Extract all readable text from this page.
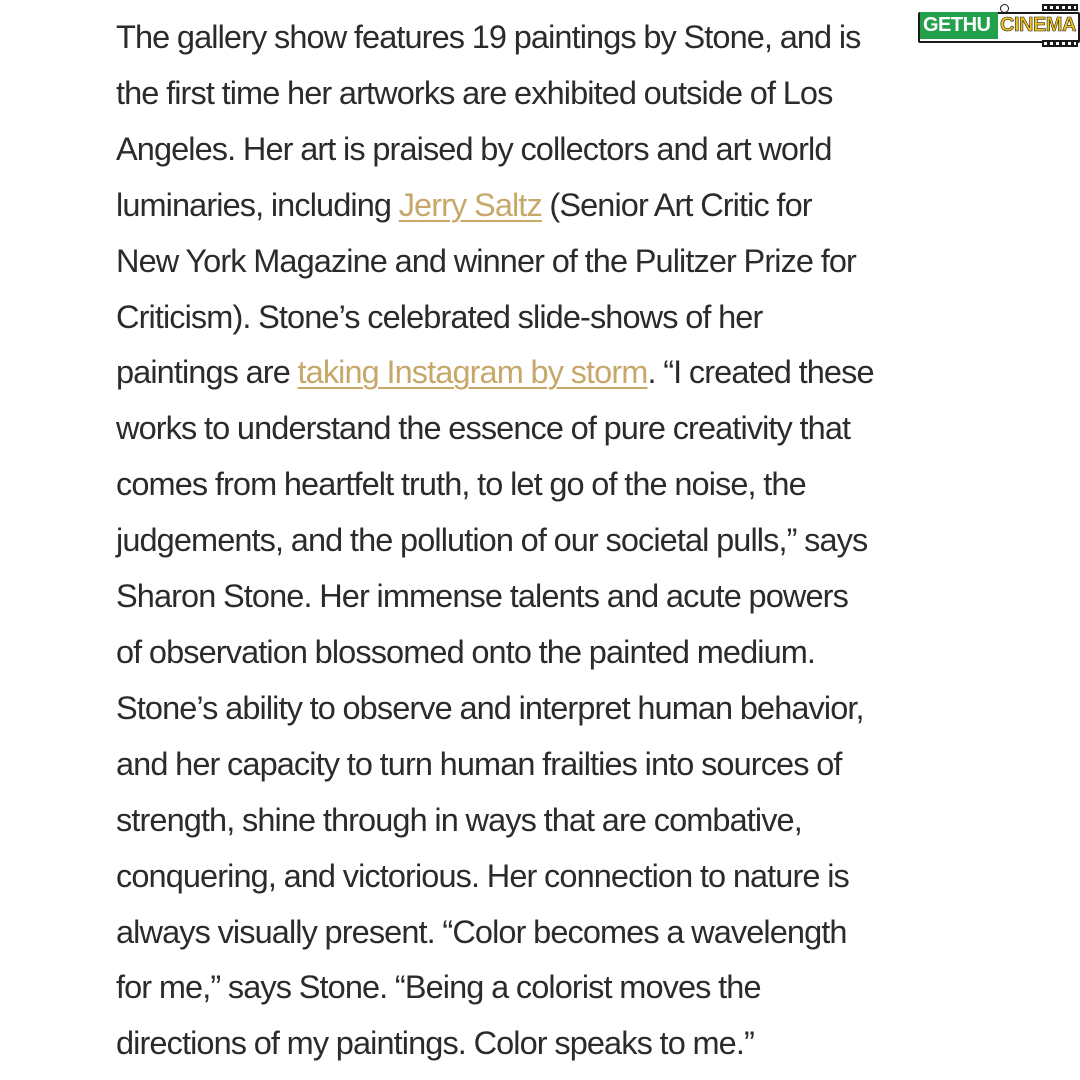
The gallery show features 19 paintings by Stone, and is
the first time her artworks are exhibited outside of Los
Angeles. Her art is praised by collectors and art world
luminaries, including Jerry Saltz (Senior Art Critic for
New York Magazine and winner of the Pulitzer Prize for
Criticism). Stone’s celebrated slide-shows of her
paintings are taking Instagram by storm. “I created these
works to understand the essence of pure creativity that
comes from heartfelt truth, to let go of the noise, the
judgements, and the pollution of our societal pulls,” says
Sharon Stone. Her immense talents and acute powers
of observation blossomed onto the painted medium.
Stone’s ability to observe and interpret human behavior,
and her capacity to turn human frailties into sources of
strength, shine through in ways that are combative,
conquering, and victorious. Her connection to nature is
always visually present. “Color becomes a wavelength
for me,” says Stone. “Being a colorist moves the
directions of my paintings. Color speaks to me.”
GETHU CINEMA
